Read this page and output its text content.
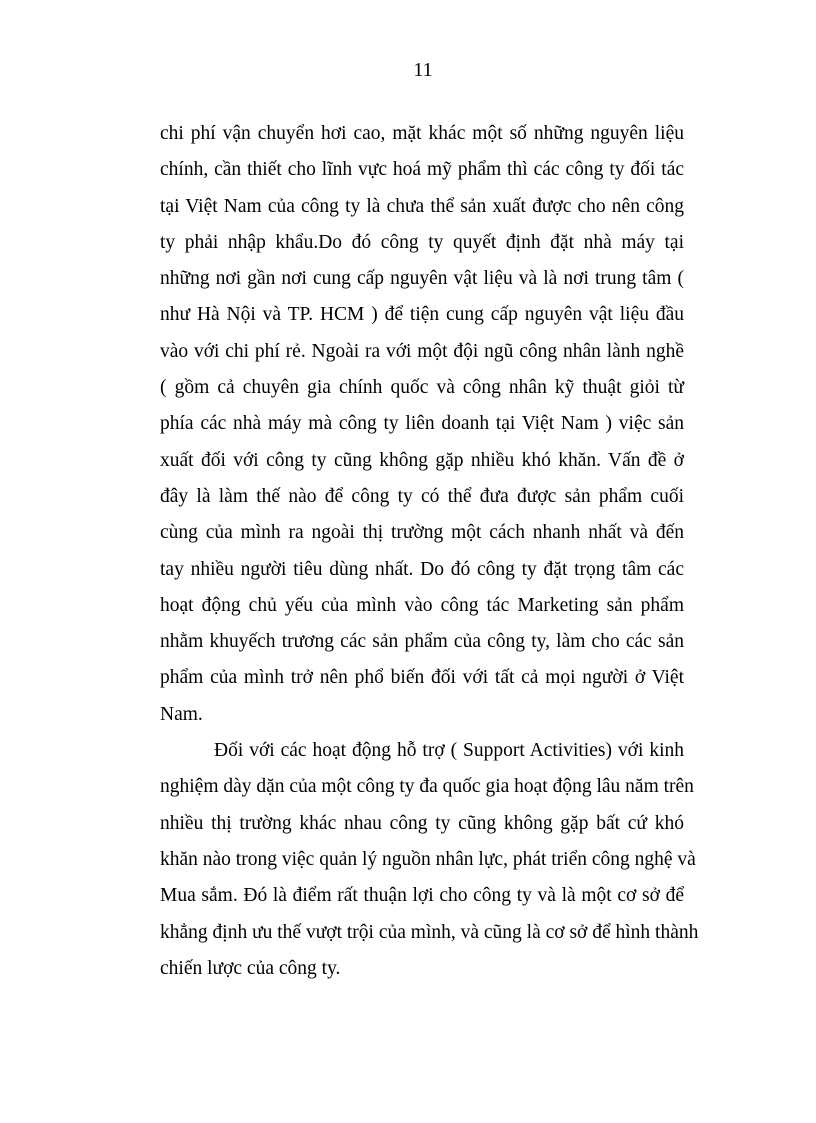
11
chi phí vận chuyển hơi cao, mặt khác một số những nguyên liệu
chính, cần thiết cho lĩnh vực hoá mỹ phẩm thì các công ty đối tác
tại Việt Nam của công ty là chưa thể sản xuất được cho nên công
ty phải nhập khẩu.Do đó công ty quyết định đặt nhà máy tại
những nơi gần nơi cung cấp nguyên vật liệu và là nơi trung tâm (
như Hà Nội và TP. HCM ) để tiện cung cấp nguyên vật liệu đầu
vào với chi phí rẻ. Ngoài ra với một đội ngũ công nhân lành nghề
( gồm cả chuyên gia chính quốc và công nhân kỹ thuật giỏi từ
phía các nhà máy mà công ty liên doanh tại Việt Nam ) việc sản
xuất đối với công ty cũng không gặp nhiều khó khăn. Vấn đề ở
đây là làm thế nào để công ty có thể đưa được sản phẩm cuối
cùng của mình ra ngoài thị trường một cách nhanh nhất và đến
tay nhiều người tiêu dùng nhất. Do đó công ty đặt trọng tâm các
hoạt động chủ yếu của mình vào công tác Marketing sản phẩm
nhằm khuyếch trương các sản phẩm của công ty, làm cho các sản
phẩm của mình trở nên phổ biến đối với tất cả mọi người ở Việt
Nam.
Đối với các hoạt động hỗ trợ ( Support Activities) với kinh
nghiệm dày dặn của một công ty đa quốc gia hoạt động lâu năm trên
nhiều thị trường khác nhau công ty cũng không gặp bất cứ khó
khăn nào trong việc quản lý nguồn nhân lực, phát triển công nghệ và
Mua sắm. Đó là điểm rất thuận lợi cho công ty và là một cơ sở để
khẳng định ưu thế vượt trội của mình, và cũng là cơ sở để hình thành
chiến lược của công ty.
